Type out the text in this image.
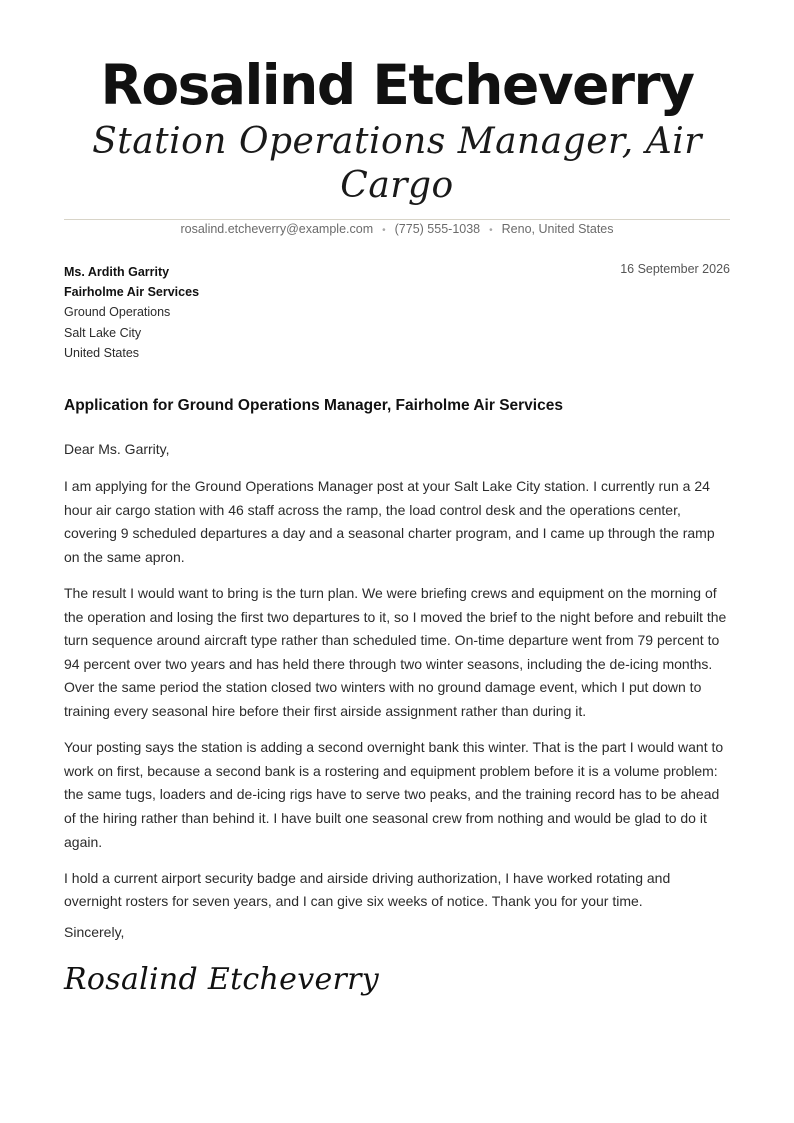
Rosalind Etcheverry
Station Operations Manager, Air Cargo
rosalind.etcheverry@example.com • (775) 555-1038 • Reno, United States
16 September 2026
Ms. Ardith Garrity
Fairholme Air Services
Ground Operations
Salt Lake City
United States
Application for Ground Operations Manager, Fairholme Air Services
Dear Ms. Garrity,

I am applying for the Ground Operations Manager post at your Salt Lake City station. I currently run a 24 hour air cargo station with 46 staff across the ramp, the load control desk and the operations center, covering 9 scheduled departures a day and a seasonal charter program, and I came up through the ramp on the same apron.

The result I would want to bring is the turn plan. We were briefing crews and equipment on the morning of the operation and losing the first two departures to it, so I moved the brief to the night before and rebuilt the turn sequence around aircraft type rather than scheduled time. On-time departure went from 79 percent to 94 percent over two years and has held there through two winter seasons, including the de-icing months. Over the same period the station closed two winters with no ground damage event, which I put down to training every seasonal hire before their first airside assignment rather than during it.

Your posting says the station is adding a second overnight bank this winter. That is the part I would want to work on first, because a second bank is a rostering and equipment problem before it is a volume problem: the same tugs, loaders and de-icing rigs have to serve two peaks, and the training record has to be ahead of the hiring rather than behind it. I have built one seasonal crew from nothing and would be glad to do it again.

I hold a current airport security badge and airside driving authorization, I have worked rotating and overnight rosters for seven years, and I can give six weeks of notice. Thank you for your time.

Sincerely,
Rosalind Etcheverry
